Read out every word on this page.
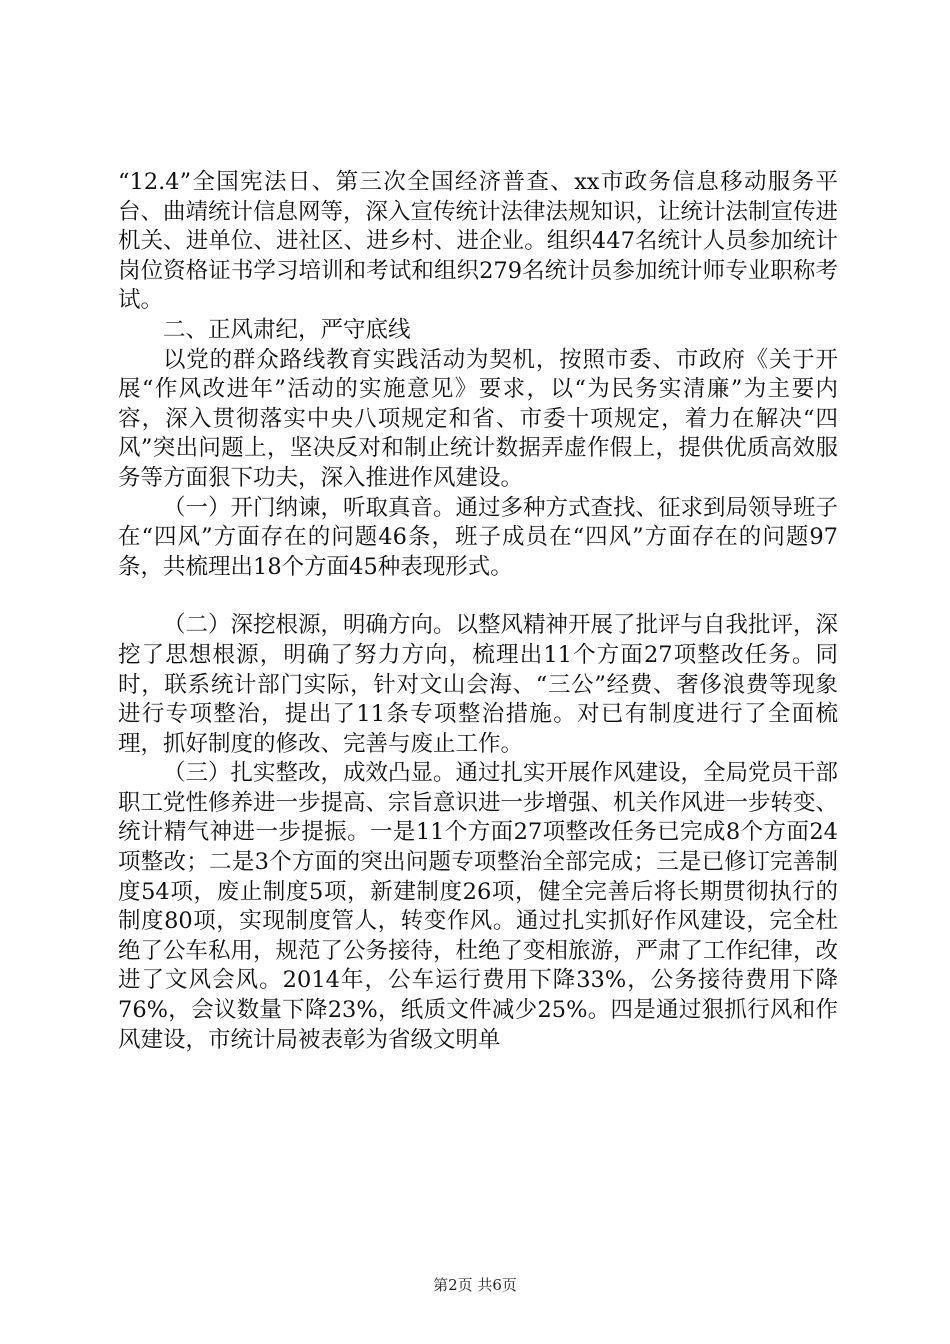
“12.4”全国宪法日、第三次全国经济普查、xx市政务信息移动服务平台、曲靖统计信息网等，深入宣传统计法律法规知识，让统计法制宣传进机关、进单位、进社区、进乡村、进企业。组织447名统计人员参加统计岗位资格证书学习培训和考试和组织279名统计员参加统计师专业职称考试。

二、正风肃纪，严守底线

以党的群众路线教育实践活动为契机，按照市委、市政府《关于开展“作风改进年”活动的实施意见》要求，以“为民务实清廉”为主要内容，深入贯彻落实中央八项规定和省、市委十项规定，着力在解决“四风”突出问题上，坚决反对和制止统计数据弄虚作假上，提供优质高效服务等方面狠下功夫，深入推进作风建设。

（一）开门纳谏，听取真音。通过多种方式查找、征求到局领导班子在“四风”方面存在的问题46条，班子成员在“四风”方面存在的问题97条，共梳理出18个方面45种表现形式。

（二）深挖根源，明确方向。以整风精神开展了批评与自我批评，深挖了思想根源，明确了努力方向，梳理出11个方面27项整改任务。同时，联系统计部门实际，针对文山会海、“三公”经费、奢侈浪费等现象进行专项整治，提出了11条专项整治措施。对已有制度进行了全面梳理，抓好制度的修改、完善与废止工作。

（三）扎实整改，成效凸显。通过扎实开展作风建设，全局党员干部职工党性修养进一步提高、宗旨意识进一步增强、机关作风进一步转变、统计精气神进一步提振。一是11个方面27项整改任务已完成8个方面24项整改；二是3个方面的突出问题专项整治全部完成；三是已修订完善制度54项，废止制度5项，新建制度26项，健全完善后将长期贯彻执行的制度80项，实现制度管人，转变作风。通过扎实抓好作风建设，完全杜绝了公车私用，规范了公务接待，杜绝了变相旅游，严肃了工作纪律，改进了文风会风。2014年，公车运行费用下降33%，公务接待费用下降76%，会议数量下降23%，纸质文件减少25%。四是通过狠抓行风和作风建设，市统计局被表彰为省级文明单

第2页 共6页
